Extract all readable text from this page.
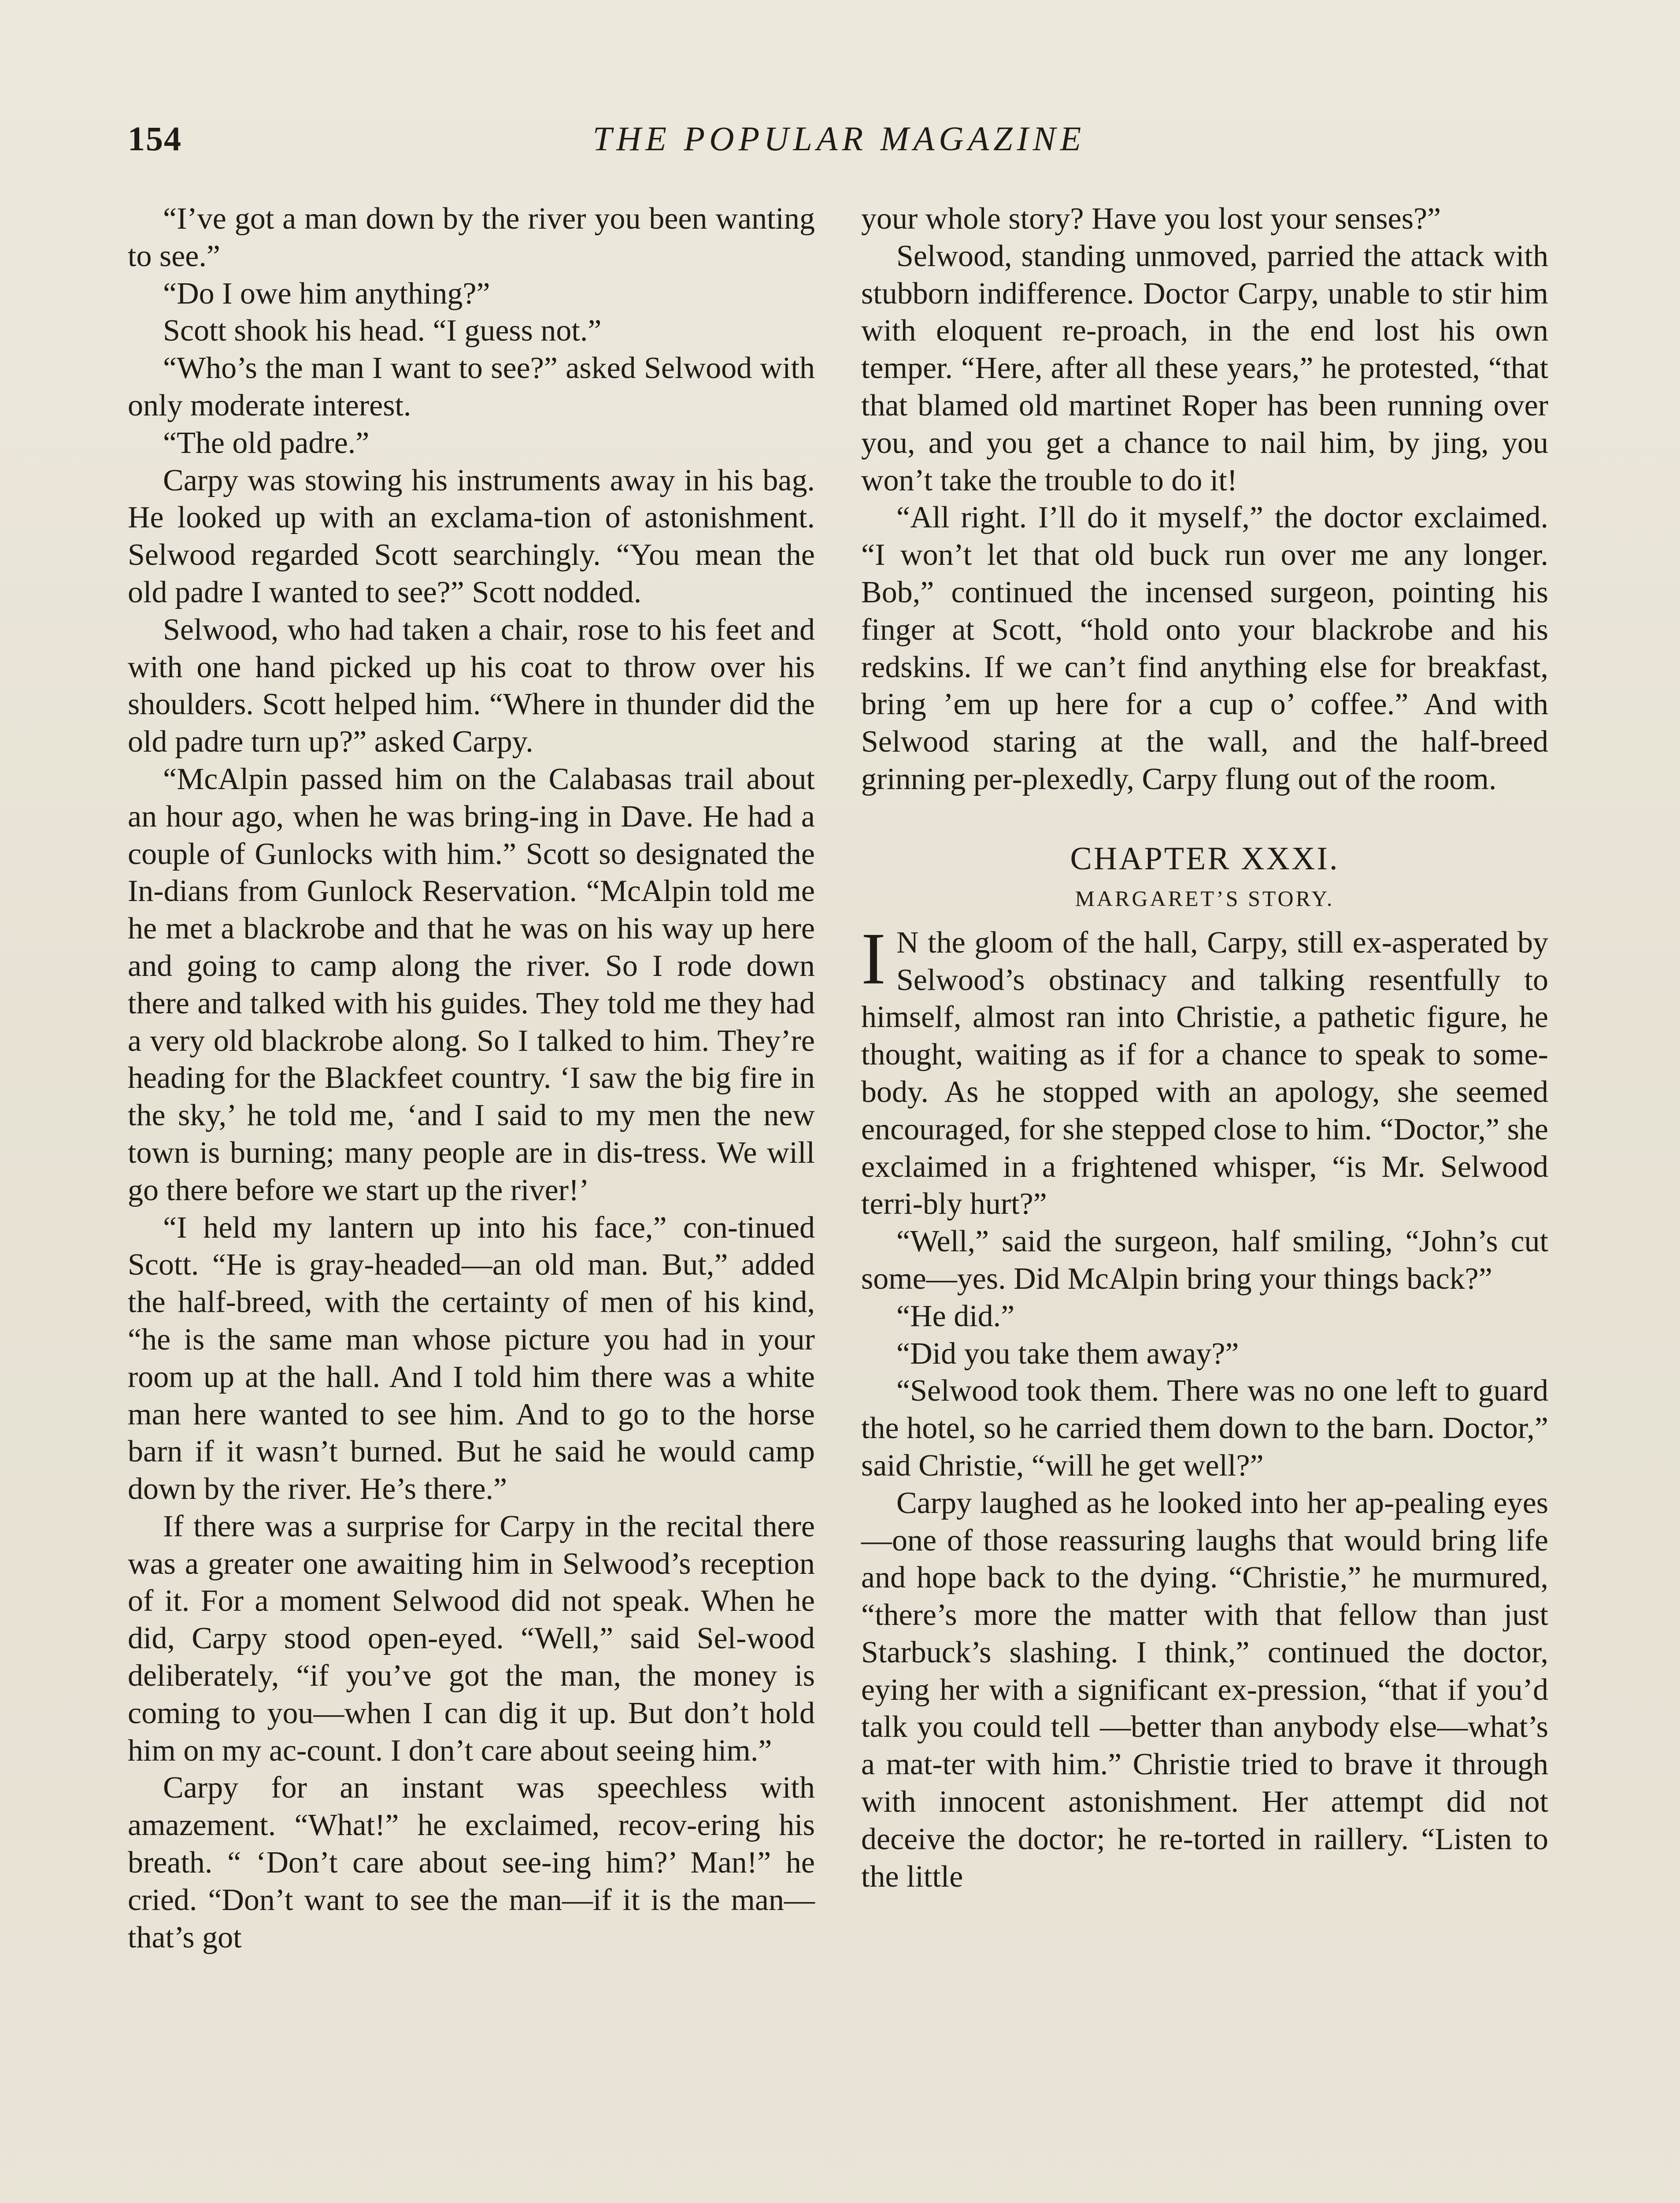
154	THE POPULAR MAGAZINE

“I’ve got a man down by the river you been wanting to see.”

“Do I owe him anything?”

Scott shook his head. “I guess not.”

“Who’s the man I want to see?” asked Selwood with only moderate interest.

“The old padre.”

Carpy was stowing his instruments away in his bag. He looked up with an exclama-tion of astonishment. Selwood regarded Scott searchingly. “You mean the old padre I wanted to see?” Scott nodded.

Selwood, who had taken a chair, rose to his feet and with one hand picked up his coat to throw over his shoulders. Scott helped him. “Where in thunder did the old padre turn up?” asked Carpy.

“McAlpin passed him on the Calabasas trail about an hour ago, when he was bring-ing in Dave. He had a couple of Gunlocks with him.” Scott so designated the In-dians from Gunlock Reservation. “McAlpin told me he met a blackrobe and that he was on his way up here and going to camp along the river. So I rode down there and talked with his guides. They told me they had a very old blackrobe along. So I talked to him. They’re heading for the Blackfeet country. ‘I saw the big fire in the sky,’ he told me, ‘and I said to my men the new town is burning; many people are in dis-tress. We will go there before we start up the river!’

“I held my lantern up into his face,” con-tinued Scott. “He is gray-headed—an old man. But,” added the half-breed, with the certainty of men of his kind, “he is the same man whose picture you had in your room up at the hall. And I told him there was a white man here wanted to see him. And to go to the horse barn if it wasn’t burned. But he said he would camp down by the river. He’s there.”

If there was a surprise for Carpy in the recital there was a greater one awaiting him in Selwood’s reception of it. For a moment Selwood did not speak. When he did, Carpy stood open-eyed. “Well,” said Sel-wood deliberately, “if you’ve got the man, the money is coming to you—when I can dig it up. But don’t hold him on my ac-count. I don’t care about seeing him.”

Carpy for an instant was speechless with amazement. “What!” he exclaimed, recov-ering his breath. “ ‘Don’t care about see-ing him?’ Man!” he cried. “Don’t want to see the man—if it is the man—that’s got

your whole story? Have you lost your senses?”

Selwood, standing unmoved, parried the attack with stubborn indifference. Doctor Carpy, unable to stir him with eloquent re-proach, in the end lost his own temper. “Here, after all these years,” he protested, “that that blamed old martinet Roper has been running over you, and you get a chance to nail him, by jing, you won’t take the trouble to do it!

“All right. I’ll do it myself,” the doctor exclaimed. “I won’t let that old buck run over me any longer. Bob,” continued the incensed surgeon, pointing his finger at Scott, “hold onto your blackrobe and his redskins. If we can’t find anything else for breakfast, bring ’em up here for a cup o’ coffee.” And with Selwood staring at the wall, and the half-breed grinning per-plexedly, Carpy flung out of the room.

CHAPTER XXXI.
MARGARET’S STORY.

I N the gloom of the hall, Carpy, still ex-asperated by Selwood’s obstinacy and talking resentfully to himself, almost ran into Christie, a pathetic figure, he thought, waiting as if for a chance to speak to some-body. As he stopped with an apology, she seemed encouraged, for she stepped close to him. “Doctor,” she exclaimed in a frightened whisper, “is Mr. Selwood terri-bly hurt?”

“Well,” said the surgeon, half smiling, “John’s cut some—yes. Did McAlpin bring your things back?”

“He did.”

“Did you take them away?”

“Selwood took them. There was no one left to guard the hotel, so he carried them down to the barn. Doctor,” said Christie, “will he get well?”

Carpy laughed as he looked into her ap-pealing eyes—one of those reassuring laughs that would bring life and hope back to the dying. “Christie,” he murmured, “there’s more the matter with that fellow than just Starbuck’s slashing. I think,” continued the doctor, eying her with a significant ex-pression, “that if you’d talk you could tell —better than anybody else—what’s a mat-ter with him.” Christie tried to brave it through with innocent astonishment. Her attempt did not deceive the doctor; he re-torted in raillery. “Listen to the little
